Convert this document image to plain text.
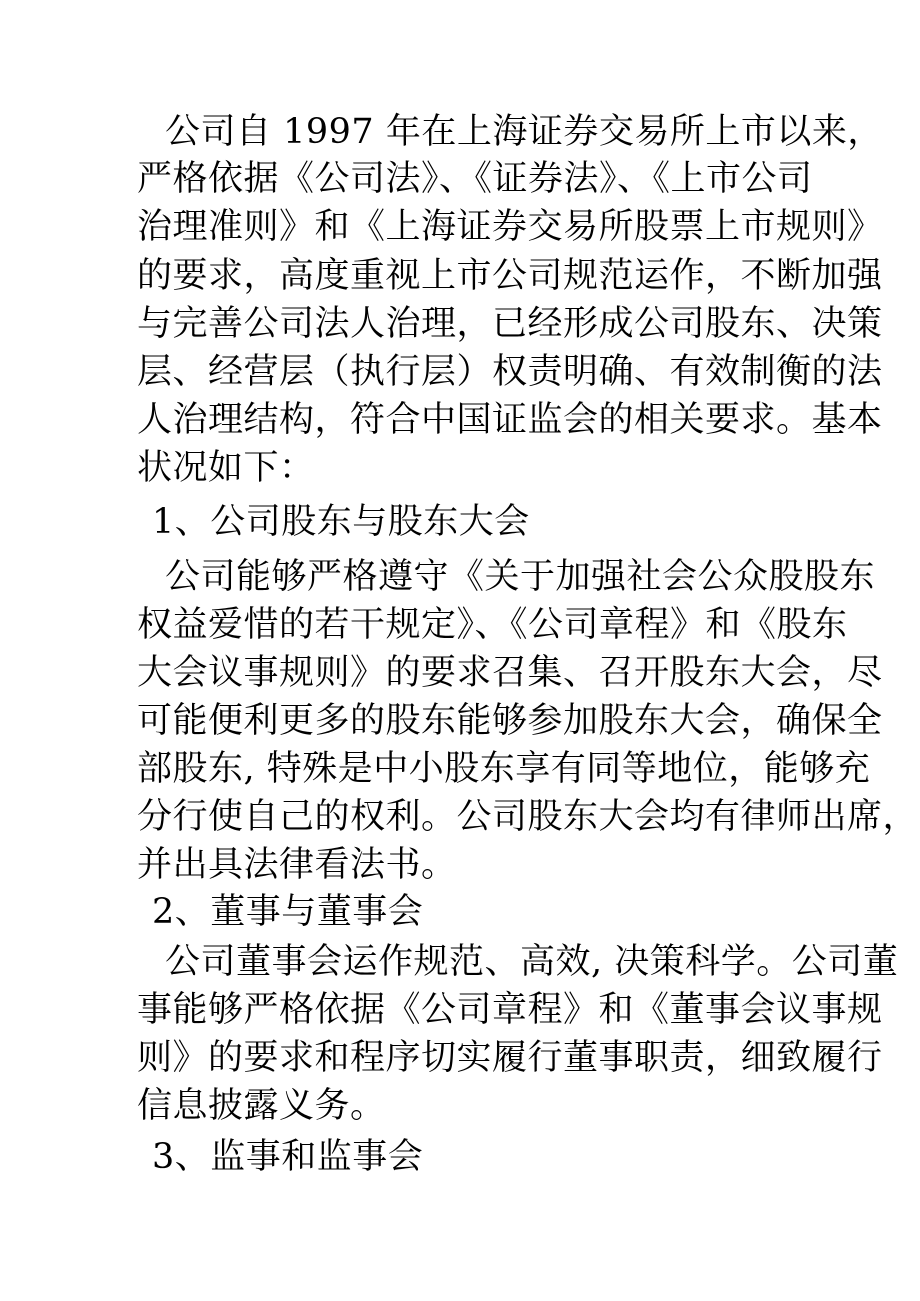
公司自 1997 年在上海证券交易所上市以来，
严格依据《公司法》、《证券法》、《上市公司
治理准则》和《上海证券交易所股票上市规则》
的要求，高度重视上市公司规范运作，不断加强
与完善公司法人治理，已经形成公司股东、决策
层、经营层（执行层）权责明确、有效制衡的法
人治理结构，符合中国证监会的相关要求。基本
状况如下：
1、公司股东与股东大会
公司能够严格遵守《关于加强社会公众股股东
权益爱惜的若干规定》、《公司章程》和《股东
大会议事规则》的要求召集、召开股东大会，尽
可能便利更多的股东能够参加股东大会，确保全
部股东, 特殊是中小股东享有同等地位，能够充
分行使自己的权利。公司股东大会均有律师出席，
并出具法律看法书。
2、董事与董事会
公司董事会运作规范、高效, 决策科学。公司董
事能够严格依据《公司章程》和《董事会议事规
则》的要求和程序切实履行董事职责，细致履行
信息披露义务。
3、监事和监事会
